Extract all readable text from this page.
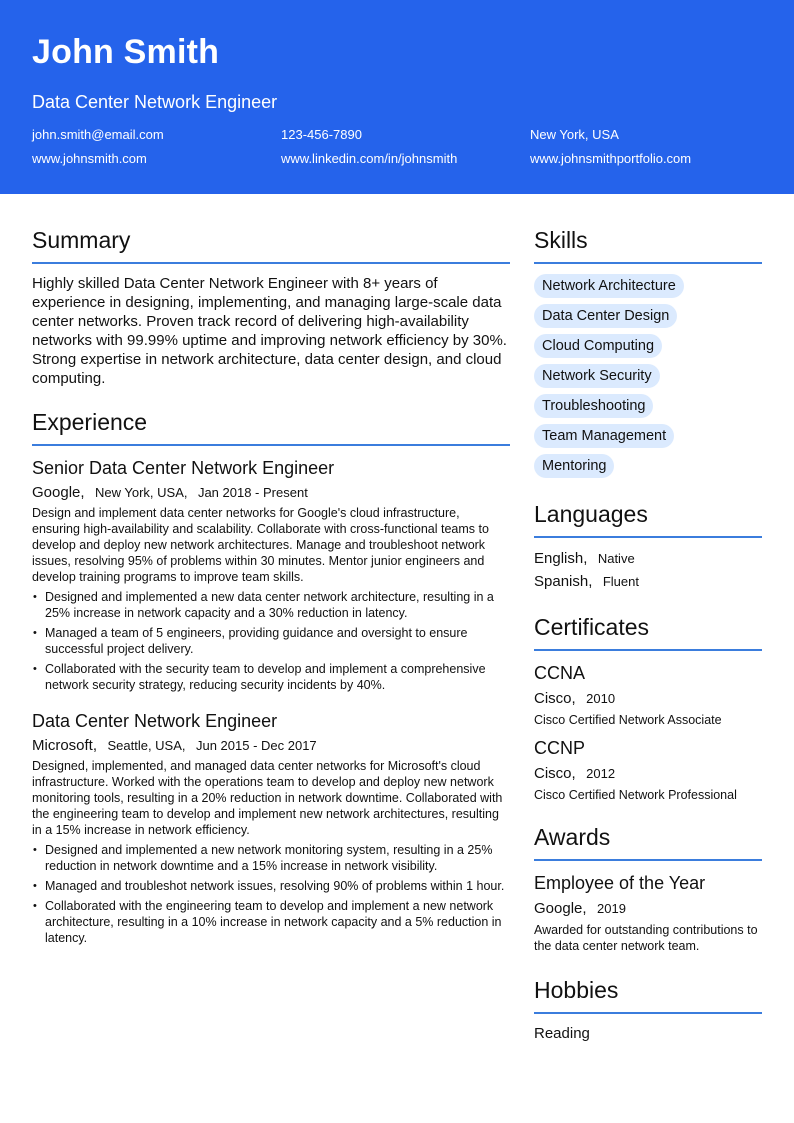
John Smith
Data Center Network Engineer
john.smith@email.com	123-456-7890	New York, USA
www.johnsmith.com	www.linkedin.com/in/johnsmith	www.johnsmithportfolio.com
Summary
Highly skilled Data Center Network Engineer with 8+ years of experience in designing, implementing, and managing large-scale data center networks. Proven track record of delivering high-availability networks with 99.99% uptime and improving network efficiency by 30%. Strong expertise in network architecture, data center design, and cloud computing.
Experience
Senior Data Center Network Engineer
Google, New York, USA, Jan 2018 - Present
Design and implement data center networks for Google's cloud infrastructure, ensuring high-availability and scalability. Collaborate with cross-functional teams to develop and deploy new network architectures. Manage and troubleshoot network issues, resolving 95% of problems within 30 minutes. Mentor junior engineers and develop training programs to improve team skills.
• Designed and implemented a new data center network architecture, resulting in a 25% increase in network capacity and a 30% reduction in latency.
• Managed a team of 5 engineers, providing guidance and oversight to ensure successful project delivery.
• Collaborated with the security team to develop and implement a comprehensive network security strategy, reducing security incidents by 40%.
Data Center Network Engineer
Microsoft, Seattle, USA, Jun 2015 - Dec 2017
Designed, implemented, and managed data center networks for Microsoft's cloud infrastructure. Worked with the operations team to develop and deploy new network monitoring tools, resulting in a 20% reduction in network downtime. Collaborated with the engineering team to develop and implement new network architectures, resulting in a 15% increase in network efficiency.
• Designed and implemented a new network monitoring system, resulting in a 25% reduction in network downtime and a 15% increase in network visibility.
• Managed and troubleshot network issues, resolving 90% of problems within 1 hour.
• Collaborated with the engineering team to develop and implement a new network architecture, resulting in a 10% increase in network capacity and a 5% reduction in latency.
Skills
Network Architecture
Data Center Design
Cloud Computing
Network Security
Troubleshooting
Team Management
Mentoring
Languages
English, Native
Spanish, Fluent
Certificates
CCNA
Cisco, 2010
Cisco Certified Network Associate
CCNP
Cisco, 2012
Cisco Certified Network Professional
Awards
Employee of the Year
Google, 2019
Awarded for outstanding contributions to the data center network team.
Hobbies
Reading
